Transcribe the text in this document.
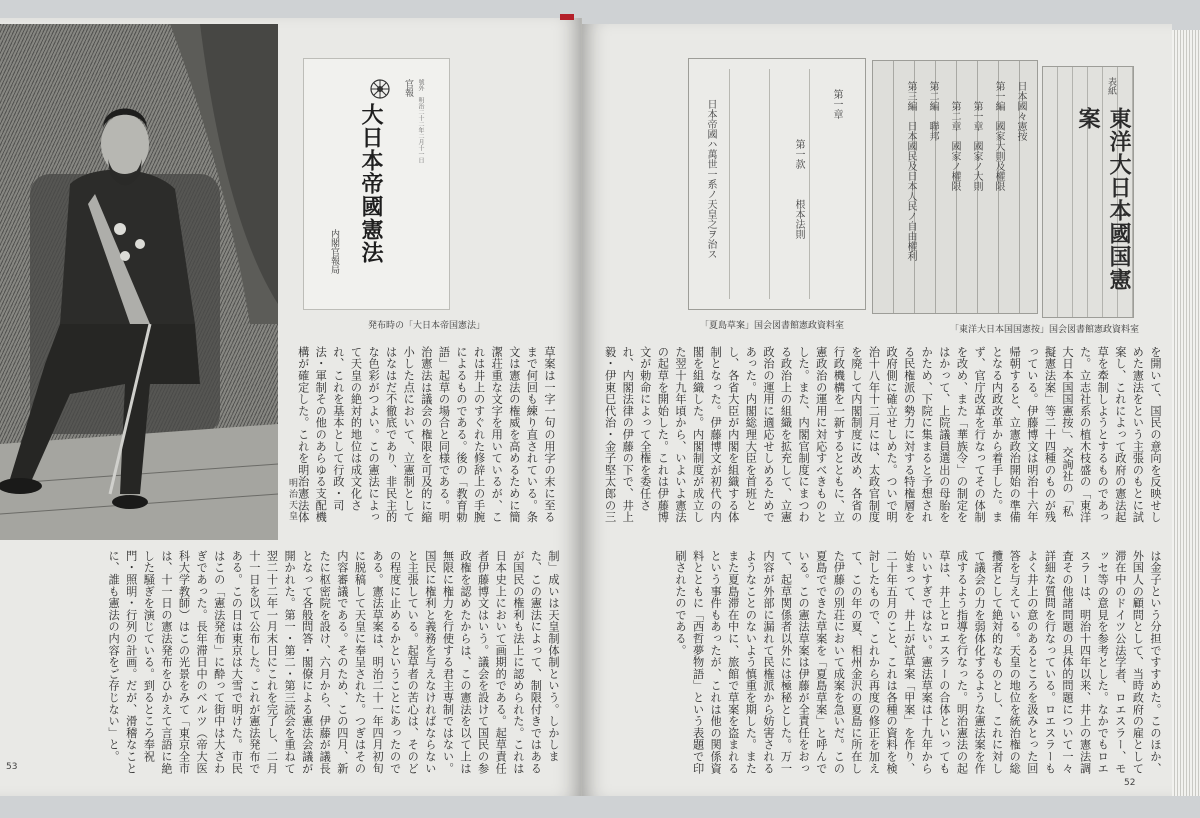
明治天皇
官報 號外　明治二十二年二月十一日
大日本帝國憲法
内閣官報局
発布時の「大日本帝国憲法」
草案は一字一句の用字の末に至るまで何回も練り直されている。条文は憲法の権威を高めるために簡潔荘重な文字を用いているが、これは井上のすぐれた修辞上の手腕によるものである。後の「教育勅語」起草の場合と同様である。明治憲法は議会の権限を可及的に縮小した点において、立憲制としてはなはだ不徹底であり、非民主的な色彩がつよい。この憲法によって天皇の絶対的地位は成文化され、これを基本として行政・司法・軍制その他のあらゆる支配機構が確定した。これを明治憲法体
制」成いは天皇制体制という。しかしまた、この憲法によって、制限付きではあるが国民の権利も法上に認められた。これは日本史上において画期的である。起草責任者伊藤博文はいう。議会を設けて国民の参政権を認めたからは、この憲法を以て上は無限に権力を行使する君主専制ではない。国民に権利と義務を与えなければならないと主張している。起草者の苦心は、そのどの程度に止めるかということにあったのである。憲法草案は、明治二十一年四月初旬に脱稿して天皇に奉呈された。つぎはその内容審議である。そのため、この四月、新たに枢密院を設け、六月から、伊藤が議長となって各般問答・閣僚による憲法会議が開かれた。第一・第二・第三読会を重ねて翌二十二年一月末日にこれを完了し、二月十一日を以て公布した。これが憲法発布である。この日は東京は大雪で明けた。市民はこの「憲法発布」に酔って街中は大さわぎであった。長年滞日中のベルツ（帝大医科大学教師）はこの光景をみて「東京全市は、十一日の憲法発布をひかえて言語に絶した騒ぎを演じている。到るところ奉祝門・照明・行列の計画。だが、滑稽なことに、誰も憲法の内容をご存じない」と。
53
第一章
第一款
根本法則
日本帝國ハ萬世一系ノ天皇之ヲ治ス
「夏島草案」国会図書館憲政資料室
日本國々憲按
第一編　國家大則及權限
第一章　國家ノ大則
第二章　國家ノ權限
第二編　聯邦
第三編　日本國民及日本人民ノ自由權利	表紙
東洋大日本國国憲案
「東洋大日本国国憲按」国会図書館憲政資料室
を開いて、国民の意向を反映せしめた憲法をという主張のもとに試案し、これによって政府の憲法起草を牽制しようとするものであった。立志社系の植木枝盛の「東洋大日本国国憲按」、交詢社の「私擬憲法案」等二十四種のものが残っている。伊藤博文は明治十六年帰朝すると、立憲政治開始の準備となる内政改革から着手した。まず、官庁改革を行なってその体制を改め、また「華族令」の制定をはかって、上院議員選出の母胎をかため、下院に集まると予想される民権派の勢力に対する特権層を政府側に確立せしめた。ついで明治十八年十二月には、太政官制度を廃して内閣制度に改め、各省の行政機構を一新するとともに、立憲政治の運用に対応すべきものとした。また、内閣官制度にまつわる政治上の組織を拡充して、立憲政治の運用に適応せしめるためであった。内閣総理大臣を首班とし、各省大臣が内閣を組織する体制となった。伊藤博文が初代の内閣を組織した。内閣制度が成立した翌十九年頃から、いよいよ憲法の起草を開始した。これは伊藤博文が勅命によって全権を委任され、内閣法律の伊藤の下で、井上毅・伊東巳代治・金子堅太郎の三
は金子という分担ですすめた。このほか、外国人の顧問として、当時政府の雇として滞在中のドイツ公法学者、ロエスラー、モッセ等の意見を参考とした。なかでもロエスラーは、明治十四年以来、井上の憲法調査その他諸問題の具体的問題について一々詳細な質問を行なっている。ロエスラーもよく井上の意のあるところを汲みとった回答を与えている。天皇の地位を統治権の総攬者として絶対的なものとし、これに対して議会の力を弱体化するような憲法案を作成するよう指導を行なった。明治憲法の起草は、井上とロエスラーの合体といってもいいすぎではない。憲法草案は十九年から始まって、井上が試草案「甲案」を作り、二十年五月のこと、これは各種の資料を検討したもので、これから再度の修正を加えて、この年の夏、相州金沢の夏島に所在した伊藤の別荘において成案を急いだ。この夏島でできた草案を「夏島草案」と呼んでいる。この憲法草案は伊藤が全責任をおって、起草関係者以外には極秘とした。万一内容が外部に漏れて民権派から妨害されるようなことのないよう慎重を期した。またまた夏島滞在中に、旅館で草案を盗まれるという事件もあったが、これは他の関係資料とともに「西哲夢物語」という表題で印刷されたのである。
52
